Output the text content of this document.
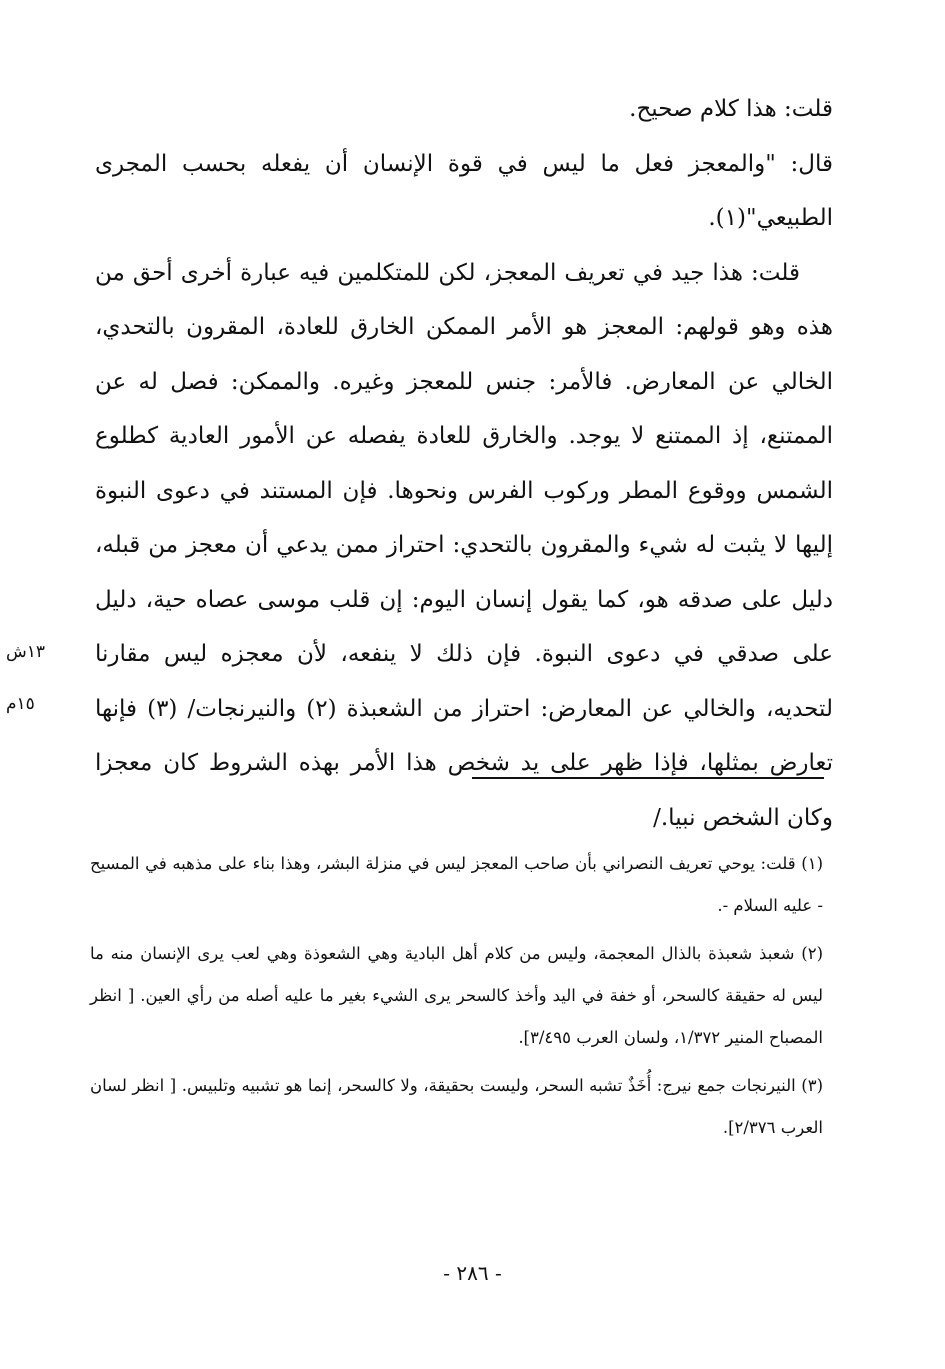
قلت: هذا كلام صحيح.

قال: "والمعجز فعل ما ليس في قوة الإنسان أن يفعله بحسب المجرى الطبيعي"(١).

قلت: هذا جيد في تعريف المعجز، لكن للمتكلمين فيه عبارة أخرى أحق من هذه وهو قولهم: المعجز هو الأمر الممكن الخارق للعادة، المقرون بالتحدي، الخالي عن المعارض. فالأمر: جنس للمعجز وغيره. والممكن: فصل له عن الممتنع، إذ الممتنع لا يوجد. والخارق للعادة يفصله عن الأمور العادية كطلوع الشمس ووقوع المطر وركوب الفرس ونحوها. فإن المستند في دعوى النبوة إليها لا يثبت له شيء والمقرون بالتحدي: احتراز ممن يدعي أن معجز من قبله، دليل على صدقه هو، كما يقول إنسان اليوم: إن قلب موسى عصاه حية، دليل على صدقي في دعوى النبوة. فإن ذلك لا ينفعه، لأن معجزه ليس مقارنا لتحديه، والخالي عن المعارض: احتراز من الشعبذة (٢) والنيرنجات/ (٣) فإنها تعارض بمثلها، فإذا ظهر على يد شخص هذا الأمر بهذه الشروط كان معجزا وكان الشخص نبيا./

١٣ش
١٥م

(١) قلت: يوحي تعريف النصراني بأن صاحب المعجز ليس في منزلة البشر، وهذا بناء على مذهبه في المسيح - عليه السلام -.

(٢) شعبذ شعبذة بالذال المعجمة، وليس من كلام أهل البادية وهي الشعوذة وهي لعب يرى الإنسان منه ما ليس له حقيقة كالسحر، أو خفة في اليد وأخذ كالسحر يرى الشيء بغير ما عليه أصله من رأي العين. [ انظر المصباح المنير ١/٣٧٢، ولسان العرب ٣/٤٩٥].

(٣) النيرنجات جمع نيرج: أُخَذٌ تشبه السحر، وليست بحقيقة، ولا كالسحر، إنما هو تشبيه وتلبيس. [ انظر لسان العرب ٢/٣٧٦].

- ٢٨٦ -
